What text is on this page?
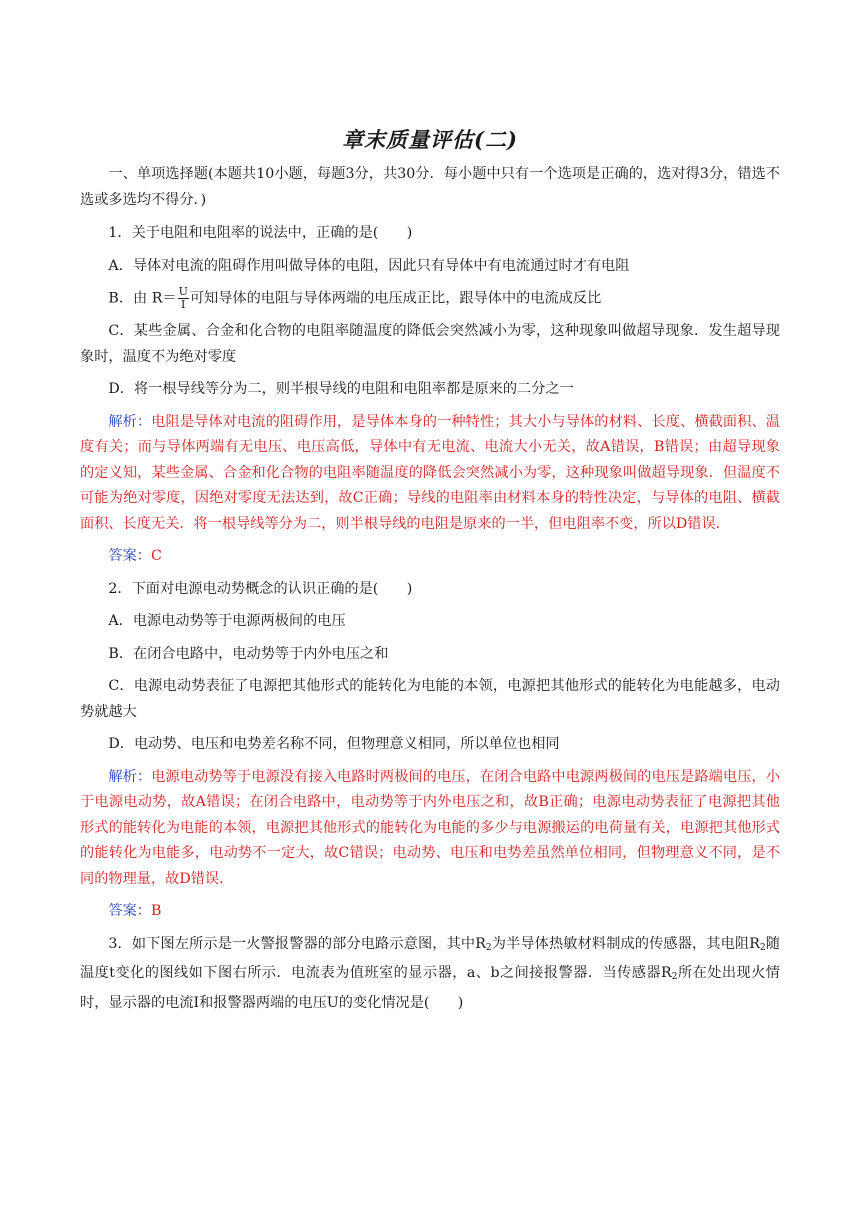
章末质量评估(二)

一、单项选择题(本题共10小题，每题3分，共30分．每小题中只有一个选项是正确的，选对得3分，错选不选或多选均不得分．)

1．关于电阻和电阻率的说法中，正确的是(　　)

A．导体对电流的阻碍作用叫做导体的电阻，因此只有导体中有电流通过时才有电阻

B．由 $R= \frac{U}{I}$ 可知导体的电阻与导体两端的电压成正比，跟导体中的电流成反比

C．某些金属、合金和化合物的电阻率随温度的降低会突然减小为零，这种现象叫做超导现象．发生超导现象时，温度不为绝对零度

D．将一根导线等分为二，则半根导线的电阻和电阻率都是原来的二分之一

解析：电阻是导体对电流的阻碍作用，是导体本身的一种特性；其大小与导体的材料、长度、横截面积、温度有关；而与导体两端有无电压、电压高低，导体中有无电流、电流大小无关，故A错误，B错误；由超导现象的定义知，某些金属、合金和化合物的电阻率随温度的降低会突然减小为零，这种现象叫做超导现象．但温度不可能为绝对零度，因绝对零度无法达到，故C正确；导线的电阻率由材料本身的特性决定，与导体的电阻、横截面积、长度无关．将一根导线等分为二，则半根导线的电阻是原来的一半，但电阻率不变，所以D错误．

答案：C

2．下面对电源电动势概念的认识正确的是(　　)

A．电源电动势等于电源两极间的电压

B．在闭合电路中，电动势等于内外电压之和

C．电源电动势表征了电源把其他形式的能转化为电能的本领，电源把其他形式的能转化为电能越多，电动势就越大

D．电动势、电压和电势差名称不同，但物理意义相同，所以单位也相同

解析：电源电动势等于电源没有接入电路时两极间的电压，在闭合电路中电源两极间的电压是路端电压，小于电源电动势，故A错误；在闭合电路中，电动势等于内外电压之和，故B正确；电源电动势表征了电源把其他形式的能转化为电能的本领，电源把其他形式的能转化为电能的多少与电源搬运的电荷量有关，电源把其他形式的能转化为电能多，电动势不一定大，故C错误；电动势、电压和电势差虽然单位相同，但物理意义不同，是不同的物理量，故D错误．

答案：B

3．如下图左所示是一火警报警器的部分电路示意图，其中$R_2$为半导体热敏材料制成的传感器，其电阻$R_2$随温度t变化的图线如下图右所示．电流表为值班室的显示器，a、b之间接报警器．当传感器$R_2$所在处出现火情时，显示器的电流I和报警器两端的电压U的变化情况是(　　)
